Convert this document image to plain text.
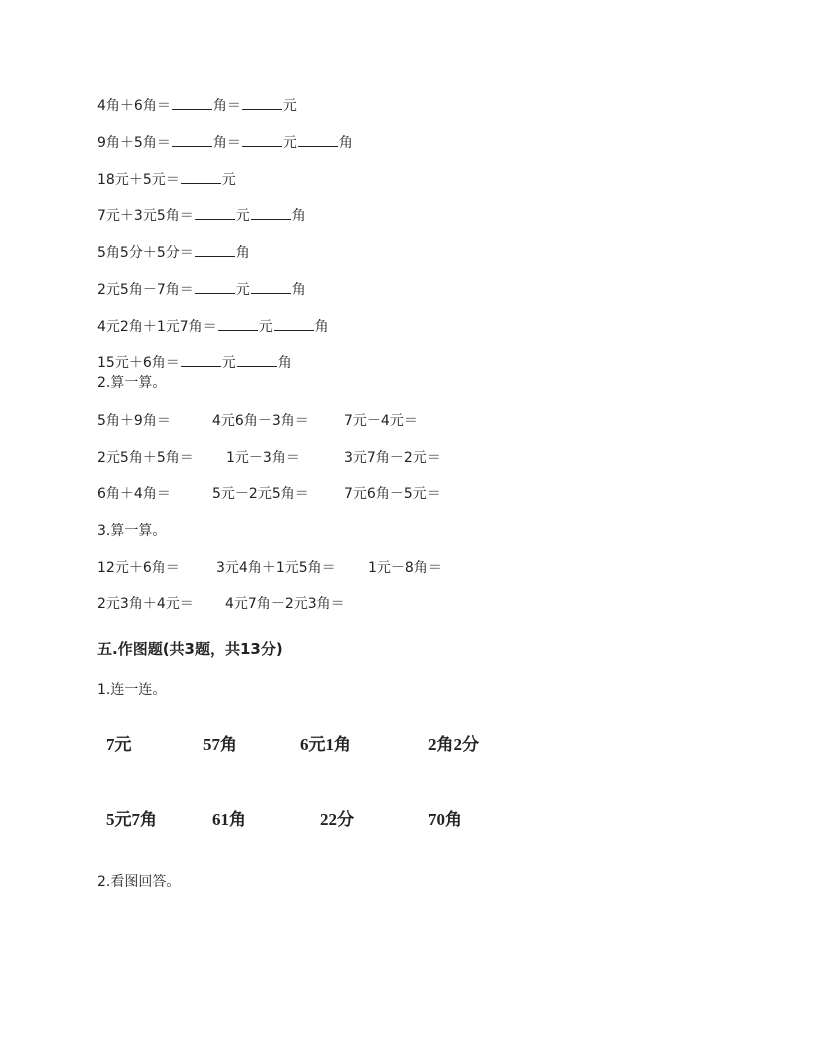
4角＋6角＝	角＝	元
9角＋5角＝	角＝	元	角
18元＋5元＝	元
7元＋3元5角＝	元	角
5角5分＋5分＝	角
2元5角－7角＝	元	角
4元2角＋1元7角＝	元	角
15元＋6角＝	元	角
2.算一算。
5角＋9角＝	4元6角－3角＝	7元－4元＝
2元5角＋5角＝ 1元－3角＝	3元7角－2元＝
6角＋4角＝	5元－2元5角＝	7元6角－5元＝
3.算一算。
12元＋6角＝	3元4角＋1元5角＝ 1元－8角＝
2元3角＋4元＝ 4元7角－2元3角＝
五.作图题(共3题，共13分)
1.连一连。
7元	57角	6元1角	2角2分
5元7角	61角	22分	70角
2.看图回答。
